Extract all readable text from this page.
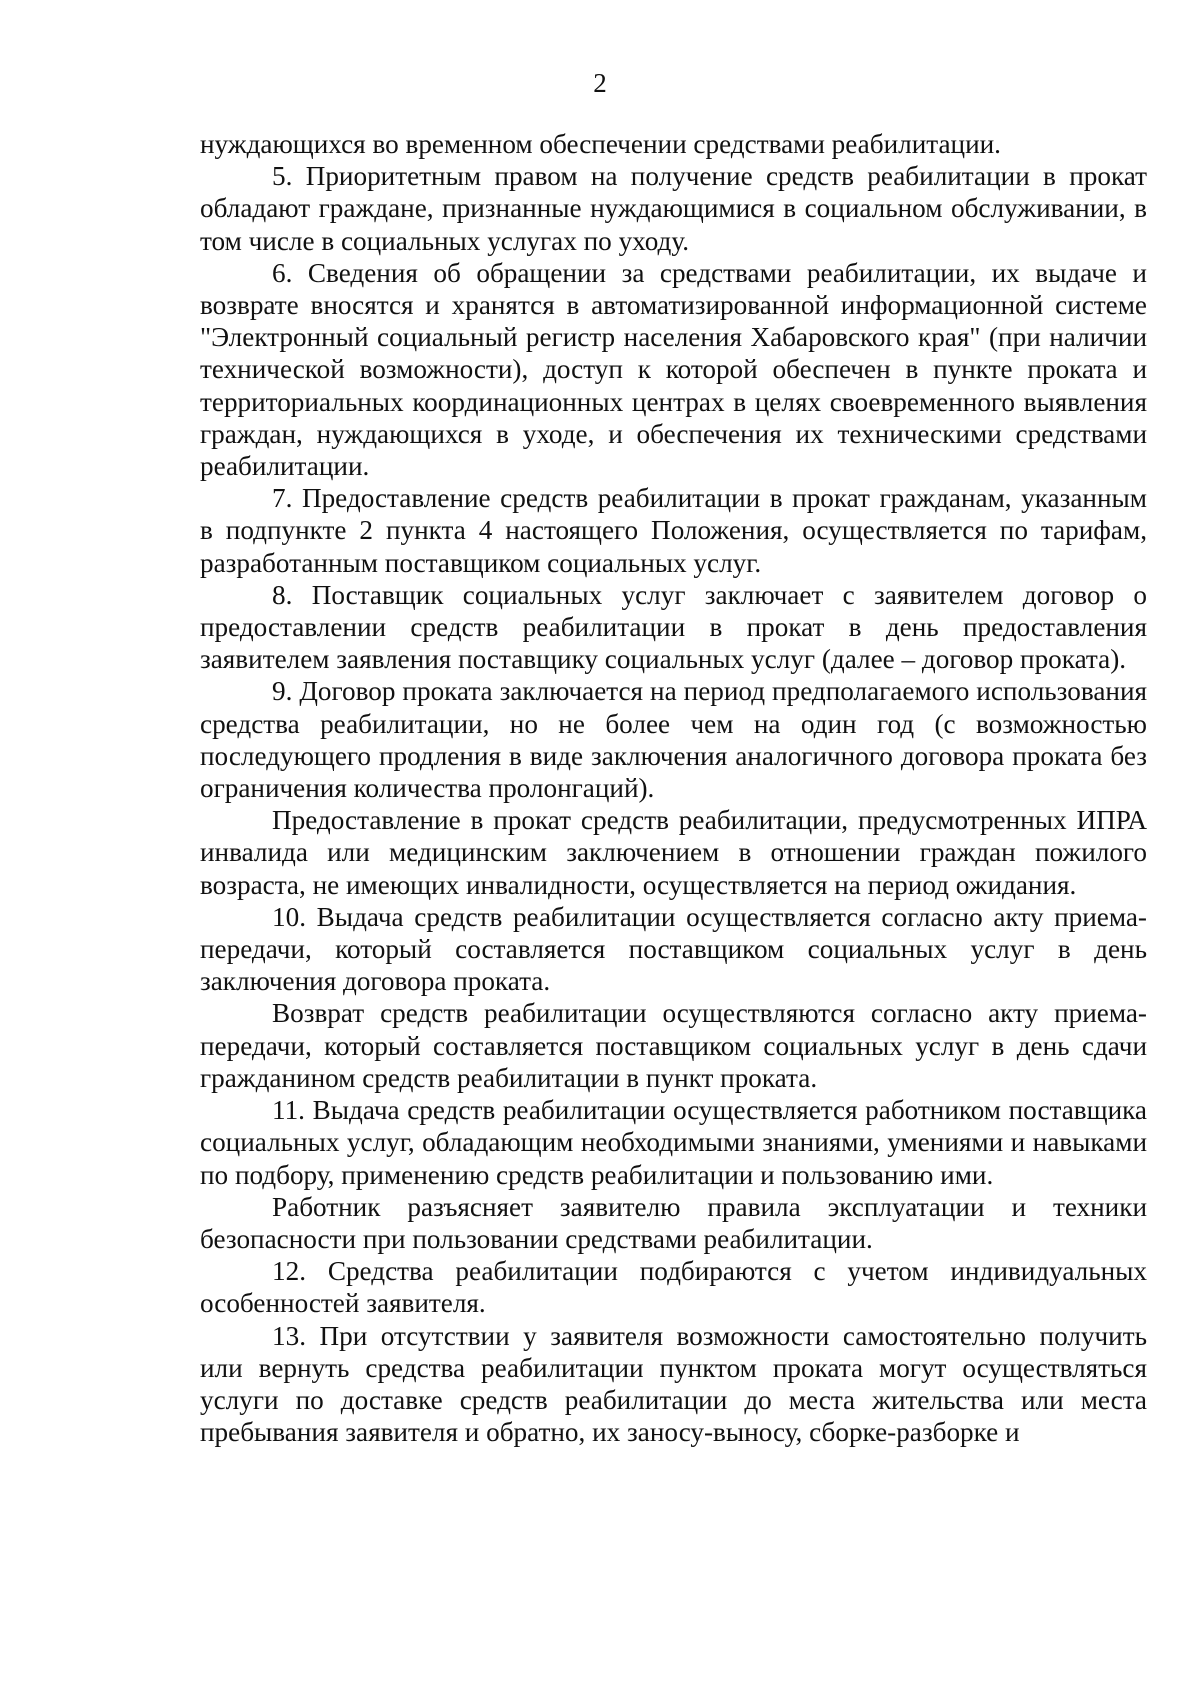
2

нуждающихся во временном обеспечении средствами реабилитации.

5. Приоритетным правом на получение средств реабилитации в прокат обладают граждане, признанные нуждающимися в социальном обслуживании, в том числе в социальных услугах по уходу.

6. Сведения об обращении за средствами реабилитации, их выдаче и возврате вносятся и хранятся в автоматизированной информационной системе "Электронный социальный регистр населения Хабаровского края" (при наличии технической возможности), доступ к которой обеспечен в пункте проката и территориальных координационных центрах в целях своевременного выявления граждан, нуждающихся в уходе, и обеспечения их техническими средствами реабилитации.

7. Предоставление средств реабилитации в прокат гражданам, указанным в подпункте 2 пункта 4 настоящего Положения, осуществляется по тарифам, разработанным поставщиком социальных услуг.

8. Поставщик социальных услуг заключает с заявителем договор о предоставлении средств реабилитации в прокат в день предоставления заявителем заявления поставщику социальных услуг (далее – договор проката).

9. Договор проката заключается на период предполагаемого использования средства реабилитации, но не более чем на один год (с возможностью последующего продления в виде заключения аналогичного договора проката без ограничения количества пролонгаций).

Предоставление в прокат средств реабилитации, предусмотренных ИПРА инвалида или медицинским заключением в отношении граждан пожилого возраста, не имеющих инвалидности, осуществляется на период ожидания.

10. Выдача средств реабилитации осуществляется согласно акту приема-передачи, который составляется поставщиком социальных услуг в день заключения договора проката.

Возврат средств реабилитации осуществляются согласно акту приема-передачи, который составляется поставщиком социальных услуг в день сдачи гражданином средств реабилитации в пункт проката.

11. Выдача средств реабилитации осуществляется работником поставщика социальных услуг, обладающим необходимыми знаниями, умениями и навыками по подбору, применению средств реабилитации и пользованию ими.

Работник разъясняет заявителю правила эксплуатации и техники безопасности при пользовании средствами реабилитации.

12. Средства реабилитации подбираются с учетом индивидуальных особенностей заявителя.

13. При отсутствии у заявителя возможности самостоятельно получить или вернуть средства реабилитации пунктом проката могут осуществляться услуги по доставке средств реабилитации до места жительства или места пребывания заявителя и обратно, их заносу-выносу, сборке-разборке и
